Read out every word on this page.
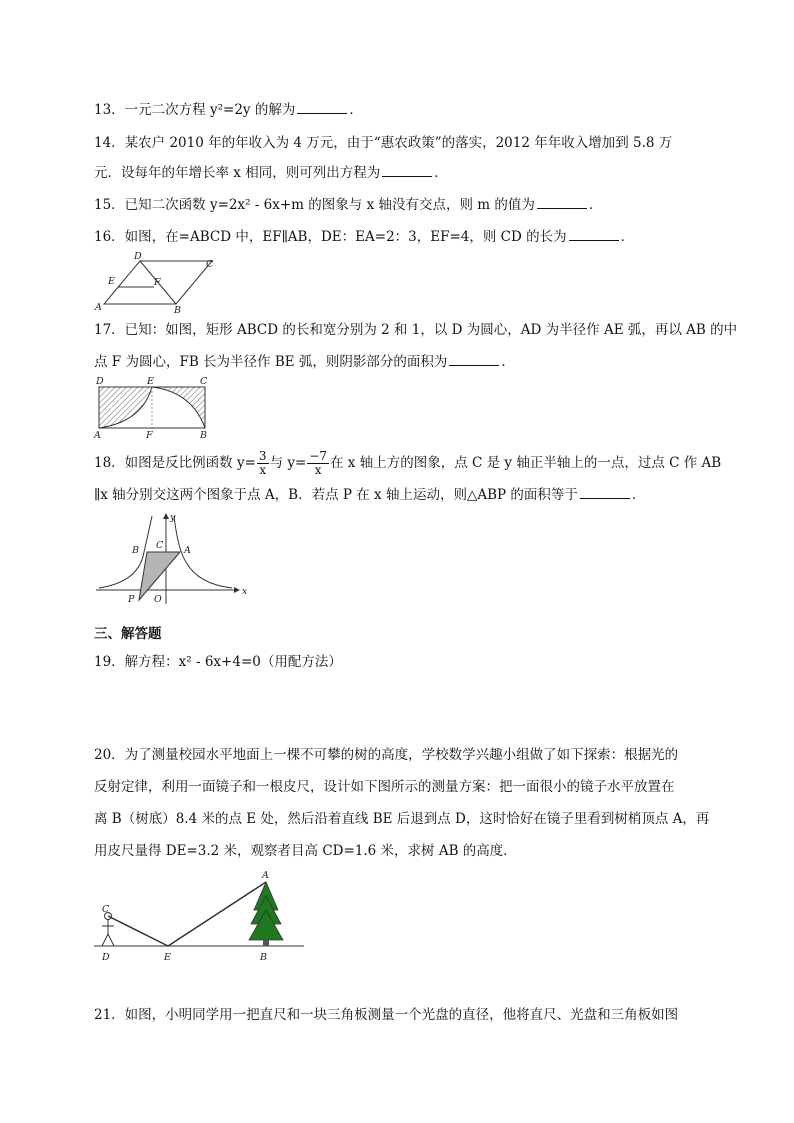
13．一元二次方程 y²=2y 的解为	．
14．某农户 2010 年的年收入为 4 万元，由于“惠农政策”的落实，2012 年年收入增加到 5.8 万
元．设每年的年增长率 x 相同，则可列出方程为	．
15．已知二次函数 y=2x² - 6x+m 的图象与 x 轴没有交点，则 m 的值为	．
16．如图，在=ABCD 中，EF∥AB，DE：EA=2：3，EF=4，则 CD 的长为	．
D
C
E	F
A	B
17．已知：如图，矩形 ABCD 的长和宽分别为 2 和 1，以 D 为圆心，AD 为半径作 AE 弧，再以 AB 的中
点 F 为圆心，FB 长为半径作 BE 弧，则阴影部分的面积为	．
D	E	C
A	F	B
18．如图是反比例函数 $y= \frac{3}{x}$ 与 $y= \frac{-7}{x}$ 在 x 轴上方的图象，点 C 是 y 轴正半轴上的一点，过点 C 作 AB
∥x 轴分别交这两个图象于点 A，B．若点 P 在 x 轴上运动，则△ABP 的面积等于	．
y
x
B C A
P O
三、解答题
19．解方程：x² - 6x+4=0（用配方法）
20．为了测量校园水平地面上一棵不可攀的树的高度，学校数学兴趣小组做了如下探索：根据光的
反射定律，利用一面镜子和一根皮尺，设计如下图所示的测量方案：把一面很小的镜子水平放置在
离 B（树底）8.4 米的点 E 处，然后沿着直线 BE 后退到点 D，这时恰好在镜子里看到树梢顶点 A，再
用皮尺量得 DE=3.2 米，观察者目高 CD=1.6 米，求树 AB 的高度．
C
A
D	E	B
21．如图，小明同学用一把直尺和一块三角板测量一个光盘的直径，他将直尺、光盘和三角板如图
